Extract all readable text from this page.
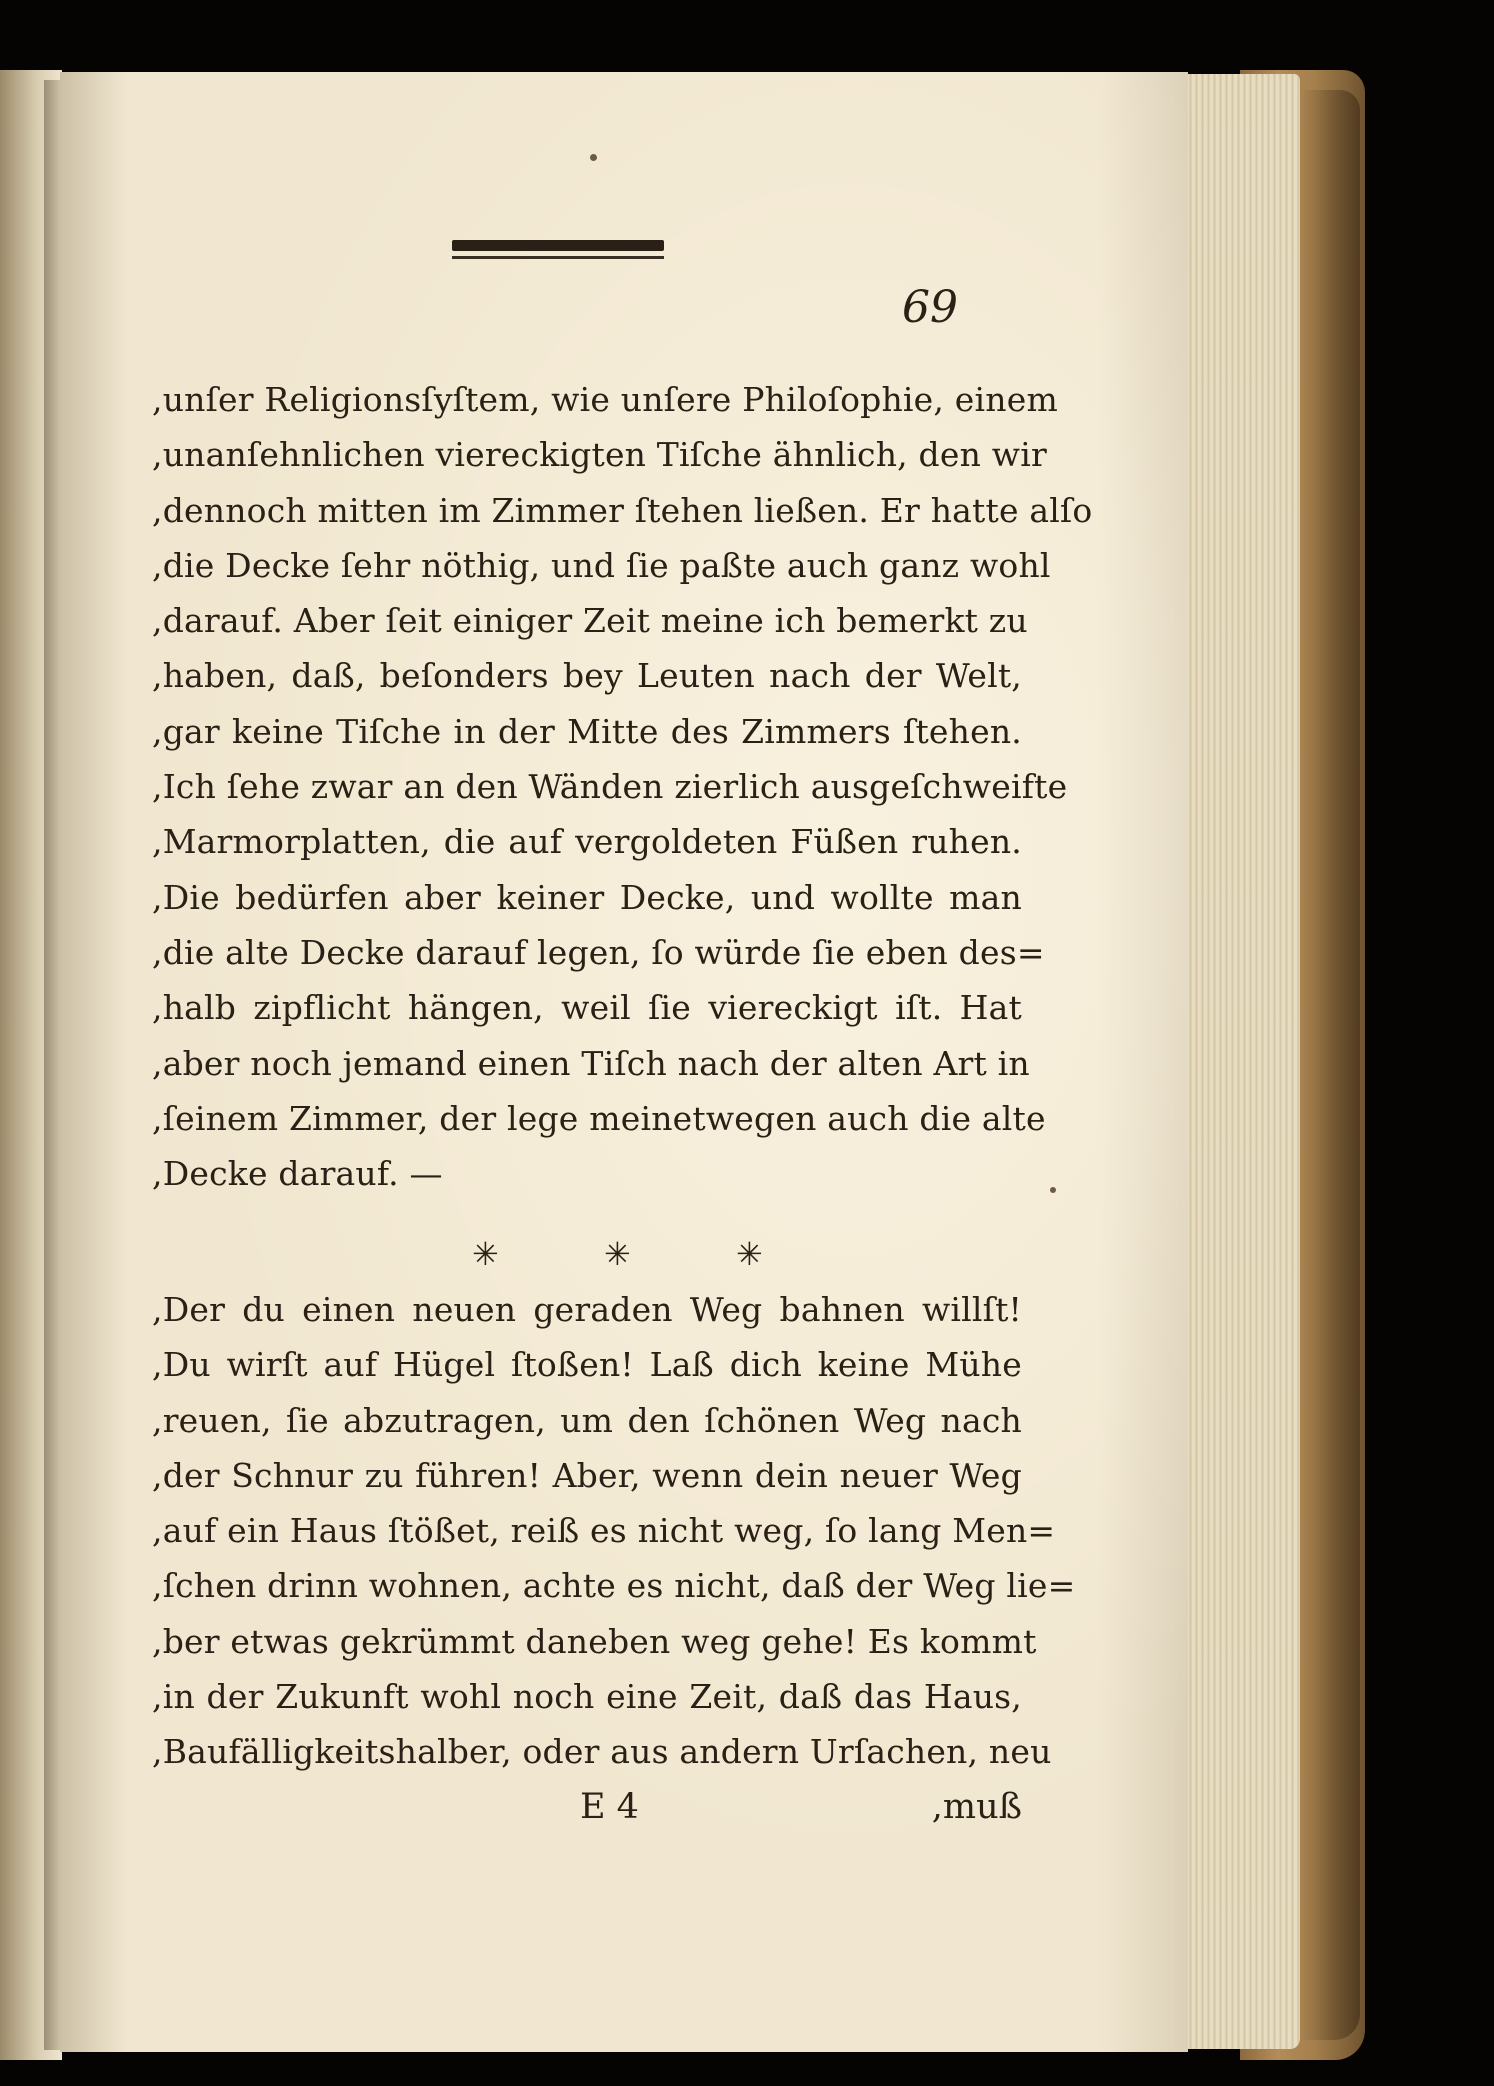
69
,unſer Religionsſyſtem, wie unſere Philoſophie, einem
,unanſehnlichen viereckigten Tiſche ähnlich, den wir
,dennoch mitten im Zimmer ſtehen ließen. Er hatte alſo
,die Decke ſehr nöthig, und ſie paßte auch ganz wohl
,darauf. Aber ſeit einiger Zeit meine ich bemerkt zu
,haben, daß, beſonders bey Leuten nach der Welt,
,gar keine Tiſche in der Mitte des Zimmers ſtehen.
,Ich ſehe zwar an den Wänden zierlich ausgeſchweifte
,Marmorplatten, die auf vergoldeten Füßen ruhen.
,Die bedürfen aber keiner Decke, und wollte man
,die alte Decke darauf legen, ſo würde ſie eben des=
,halb zipflicht hängen, weil ſie viereckigt iſt. Hat
,aber noch jemand einen Tiſch nach der alten Art in
,ſeinem Zimmer, der lege meinetwegen auch die alte
,Decke darauf. —
✳	✳	✳
,Der du einen neuen geraden Weg bahnen willſt!
,Du wirſt auf Hügel ſtoßen! Laß dich keine Mühe
,reuen, ſie abzutragen, um den ſchönen Weg nach
,der Schnur zu führen! Aber, wenn dein neuer Weg
,auf ein Haus ſtößet, reiß es nicht weg, ſo lang Men=
,ſchen drinn wohnen, achte es nicht, daß der Weg lie=
,ber etwas gekrümmt daneben weg gehe! Es kommt
,in der Zukunft wohl noch eine Zeit, daß das Haus,
,Baufälligkeitshalber, oder aus andern Urſachen, neu
E 4	,muß
